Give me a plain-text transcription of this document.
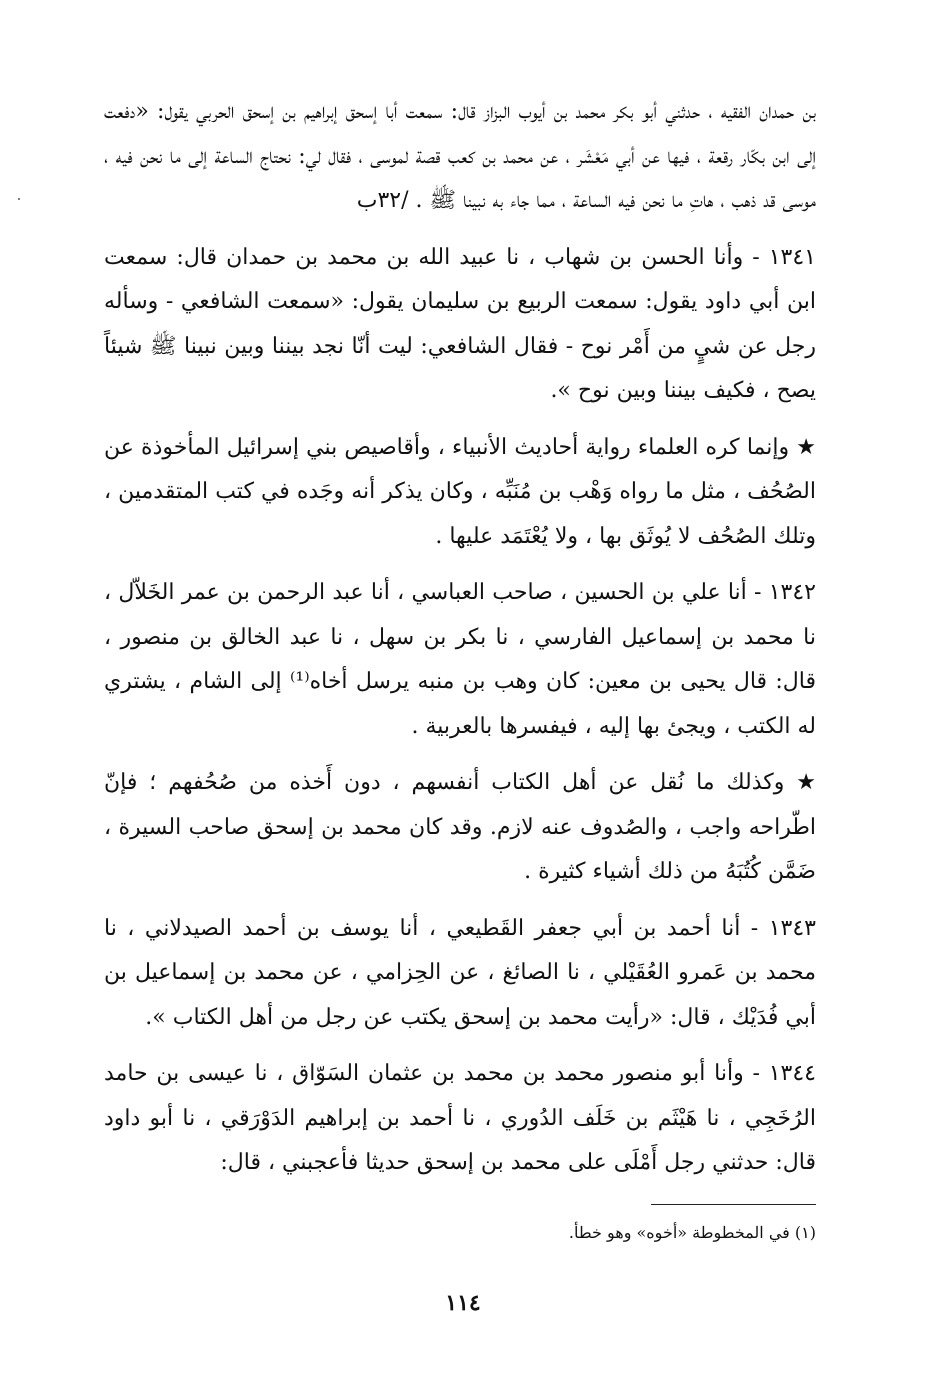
بن حمدان الفقيه ، حدثني أبو بكر محمد بن أيوب البزاز قال: سمعت أبا إسحق إبراهيم بن إسحق الحربي يقول: «دفعت إلى ابن بكّار رقعة ، فيها عن أبي مَعْشَر ، عن محمد بن كعب قصة لموسى ، فقال لي: نحتاج الساعة إلى ما نحن فيه ، موسى قد ذهب ، هاتِ ما نحن فيه الساعة ، مما جاء به نبينا ﷺ . /٣٢ب

١٣٤١ - وأنا الحسن بن شهاب ، نا عبيد الله بن محمد بن حمدان قال: سمعت ابن أبي داود يقول: سمعت الربيع بن سليمان يقول: «سمعت الشافعي - وسأله رجل عن شيٍ من أَمْر نوح - فقال الشافعي: ليت أنّا نجد بيننا وبين نبينا ﷺ شيئاً يصح ، فكيف بيننا وبين نوح ».

★ وإنما كره العلماء رواية أحاديث الأنبياء ، وأقاصيص بني إسرائيل المأخوذة عن الصُحُف ، مثل ما رواه وَهْب بن مُنَبِّه ، وكان يذكر أنه وجَده في كتب المتقدمين ، وتلك الصُحُف لا يُوثَق بها ، ولا يُعْتَمَد عليها .

١٣٤٢ - أنا علي بن الحسين ، صاحب العباسي ، أنا عبد الرحمن بن عمر الخَلاّل ، نا محمد بن إسماعيل الفارسي ، نا بكر بن سهل ، نا عبد الخالق بن منصور ، قال: قال يحيى بن معين: كان وهب بن منبه يرسل أخاه⁽¹⁾ إلى الشام ، يشتري له الكتب ، ويجئ بها إليه ، فيفسرها بالعربية .

★ وكذلك ما نُقل عن أهل الكتاب أنفسهم ، دون أَخذه من صُحُفهم ؛ فإنّ اطّراحه واجب ، والصُدوف عنه لازم. وقد كان محمد بن إسحق صاحب السيرة ، ضَمَّن كُتُبَهُ من ذلك أشياء كثيرة .

١٣٤٣ - أنا أحمد بن أبي جعفر القَطيعي ، أنا يوسف بن أحمد الصيدلاني ، نا محمد بن عَمرو العُقَيْلي ، نا الصائغ ، عن الحِزامي ، عن محمد بن إسماعيل بن أبي فُدَيْك ، قال: «رأيت محمد بن إسحق يكتب عن رجل من أهل الكتاب ».

١٣٤٤ - وأنا أبو منصور محمد بن محمد بن عثمان السَوّاق ، نا عيسى بن حامد الرُخَجِي ، نا هَيْثَم بن خَلَف الدُوري ، نا أحمد بن إبراهيم الدَوْرَقي ، نا أبو داود قال: حدثني رجل أَمْلَى على محمد بن إسحق حديثا فأعجبني ، قال:

(١) في المخطوطة «أخوه» وهو خطأ.

١١٤
